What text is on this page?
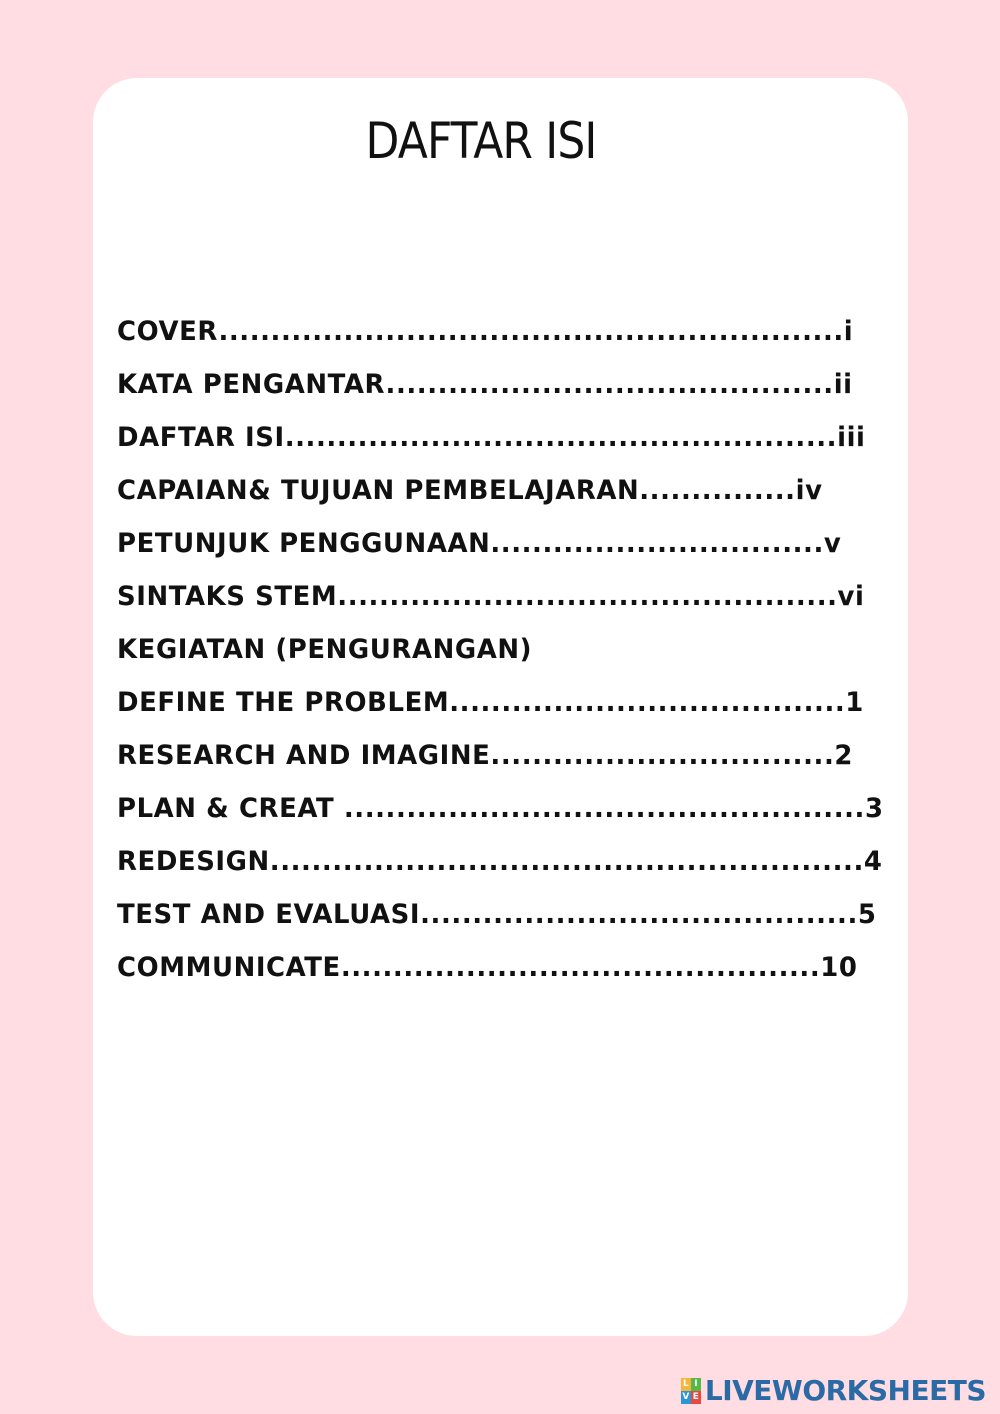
DAFTAR ISI
COVER............................................................i
KATA PENGANTAR...........................................ii
DAFTAR ISI.....................................................iii
CAPAIAN& TUJUAN PEMBELAJARAN...............iv
PETUNJUK PENGGUNAAN................................v
SINTAKS STEM................................................vi
KEGIATAN (PENGURANGAN)
DEFINE THE PROBLEM......................................1
RESEARCH AND IMAGINE.................................2
PLAN & CREAT ..................................................3
REDESIGN.........................................................4
TEST AND EVALUASI..........................................5
COMMUNICATE..............................................10
L I
V E LIVEWORKSHEETS
